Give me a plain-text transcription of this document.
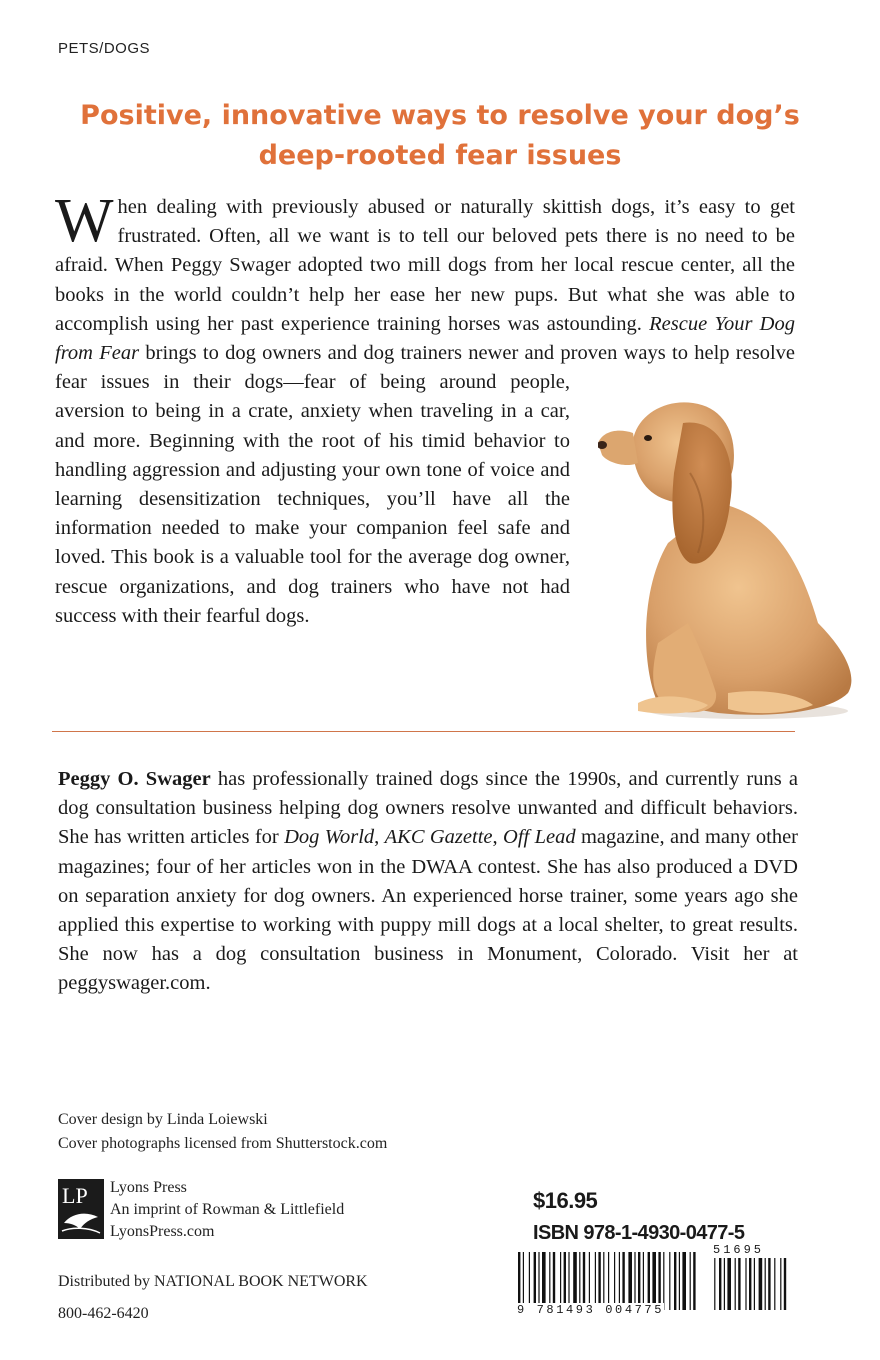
PETS/DOGS
Positive, innovative ways to resolve your dog’s
deep-rooted fear issues
When dealing with previously abused or naturally skittish dogs, it’s easy to get frustrated. Often, all we want is to tell our beloved pets there is no need to be afraid. When Peggy Swager adopted two mill dogs from her local rescue center, all the books in the world couldn’t help her ease her new pups. But what she was able to accomplish using her past experience training horses was astounding. Rescue Your Dog from Fear brings to dog owners and dog trainers newer and proven ways to help resolve fear issues in their dogs—fear of being around people, aversion to being in a crate, anxiety when traveling in a car, and more. Beginning with the root of his timid behavior to handling aggression and adjusting your own tone of voice and learning desensitization techniques, you’ll have all the information needed to make your companion feel safe and loved. This book is a valuable tool for the average dog owner, rescue organizations, and dog trainers who have not had success with their fearful dogs.
Peggy O. Swager has professionally trained dogs since the 1990s, and currently runs a dog consultation business helping dog owners resolve unwanted and difficult behaviors. She has written articles for Dog World, AKC Gazette, Off Lead magazine, and many other magazines; four of her articles won in the DWAA contest. She has also produced a DVD on separation anxiety for dog owners. An experienced horse trainer, some years ago she applied this expertise to working with puppy mill dogs at a local shelter, to great results. She now has a dog consultation business in Monument, Colorado. Visit her at peggyswager.com.
Cover design by Linda Loiewski
Cover photographs licensed from Shutterstock.com
LP Lyons Press
An imprint of Rowman & Littlefield
LyonsPress.com
Distributed by NATIONAL BOOK NETWORK
800-462-6420
$16.95
ISBN 978-1-4930-0477-5
51695
9 781493 004775
